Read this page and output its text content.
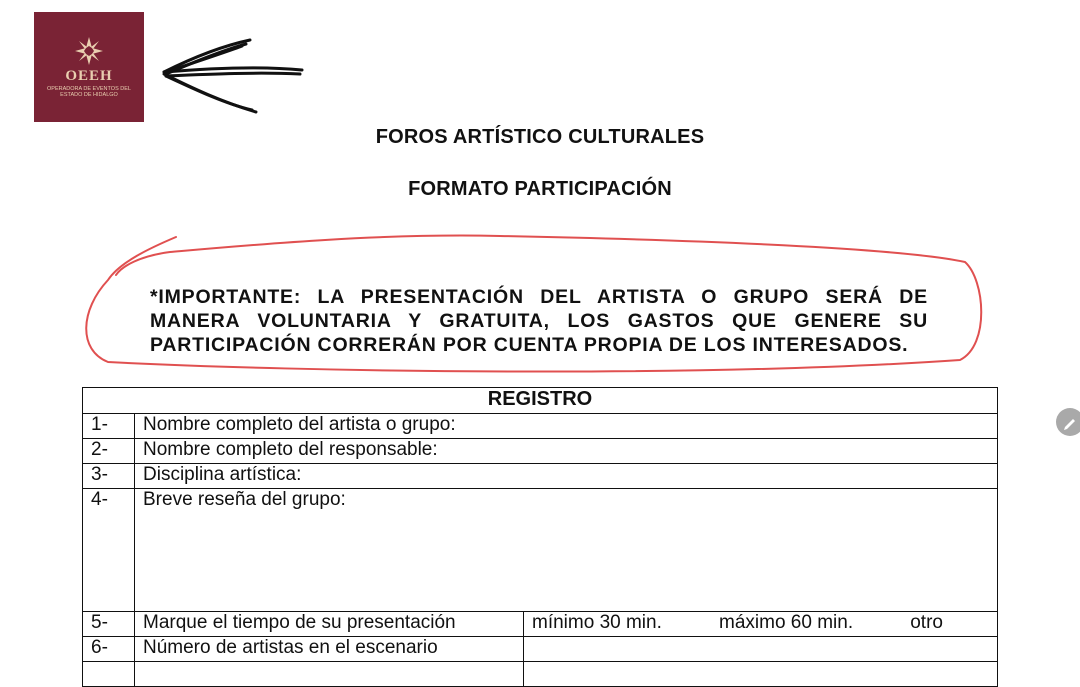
OEEH
OPERADORA DE EVENTOS DEL ESTADO DE HIDALGO
FOROS ARTÍSTICO CULTURALES
FORMATO PARTICIPACIÓN
*IMPORTANTE: LA PRESENTACIÓN DEL ARTISTA O GRUPO SERÁ DE MANERA VOLUNTARIA Y GRATUITA, LOS GASTOS QUE GENERE SU PARTICIPACIÓN CORRERÁN POR CUENTA PROPIA DE LOS INTERESADOS.
REGISTRO		
1-	Nombre completo del artista o grupo:	
2-	Nombre completo del responsable:	
3-	Disciplina artística:	
4-	Breve reseña del grupo:	
5-	Marque el tiempo de su presentación	mínimo 30 min. máximo 60 min. otro

6-	Número de artistas en el escenario	
